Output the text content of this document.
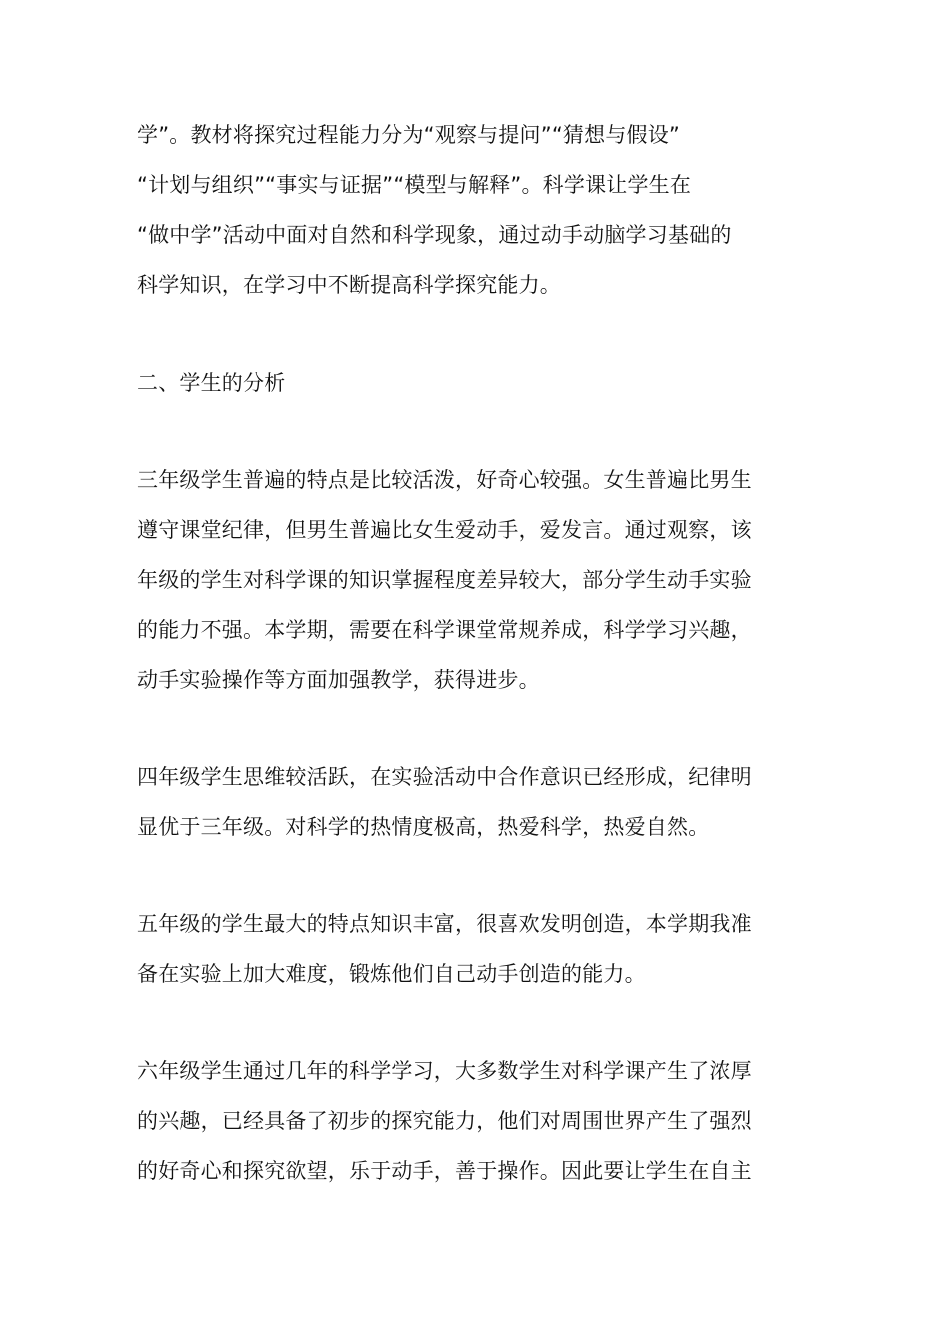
学”。教材将探究过程能力分为“观察与提问”“猜想与假设”
“计划与组织”“事实与证据”“模型与解释”。科学课让学生在
“做中学”活动中面对自然和科学现象，通过动手动脑学习基础的
科学知识，在学习中不断提高科学探究能力。

二、学生的分析

三年级学生普遍的特点是比较活泼，好奇心较强。女生普遍比男生
遵守课堂纪律，但男生普遍比女生爱动手，爱发言。通过观察，该
年级的学生对科学课的知识掌握程度差异较大，部分学生动手实验
的能力不强。本学期，需要在科学课堂常规养成，科学学习兴趣，
动手实验操作等方面加强教学，获得进步。

四年级学生思维较活跃，在实验活动中合作意识已经形成，纪律明
显优于三年级。对科学的热情度极高，热爱科学，热爱自然。

五年级的学生最大的特点知识丰富，很喜欢发明创造，本学期我准
备在实验上加大难度，锻炼他们自己动手创造的能力。

六年级学生通过几年的科学学习，大多数学生对科学课产生了浓厚
的兴趣，已经具备了初步的探究能力，他们对周围世界产生了强烈
的好奇心和探究欲望，乐于动手，善于操作。因此要让学生在自主
